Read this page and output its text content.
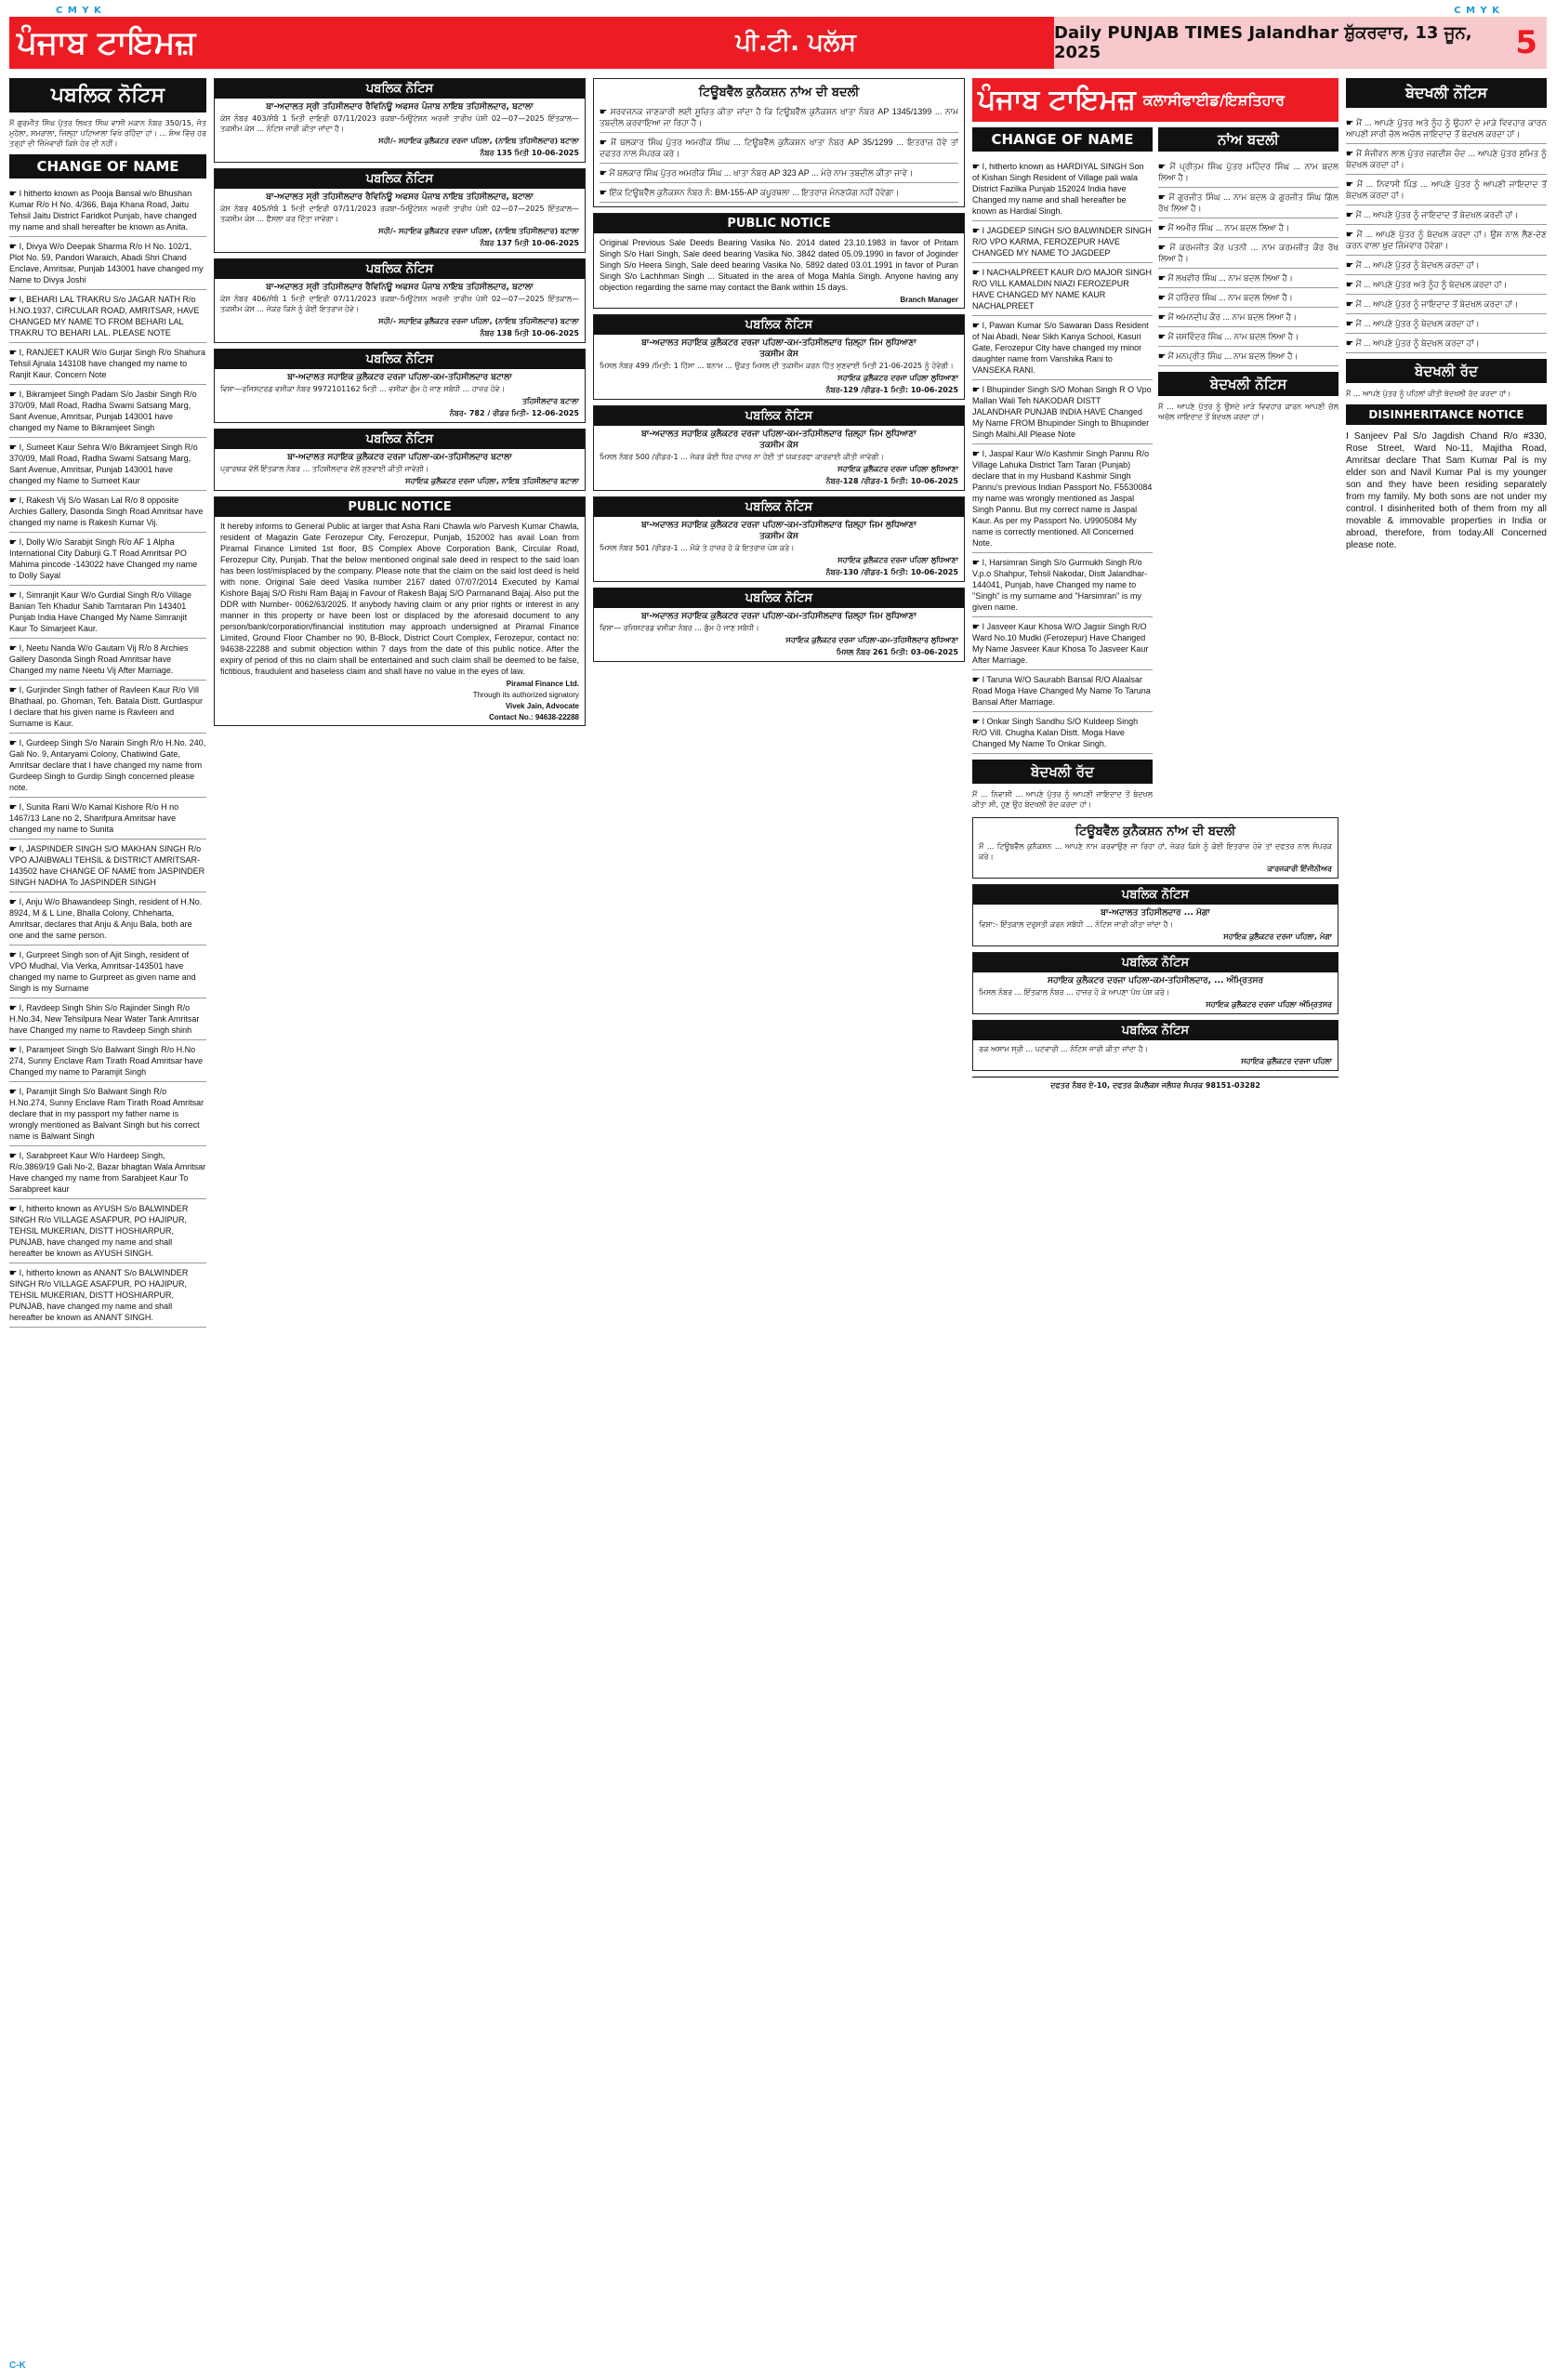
C M Y K	C M Y K
ਪੰਜਾਬ ਟਾਇਮਜ਼	ਪੀ.ਟੀ. ਪਲੱਸ	Daily PUNJAB TIMES Jalandhar ਸ਼ੁੱਕਰਵਾਰ, 13 ਜੂਨ, 2025	5
ਪਬਲਿਕ ਨੋਟਿਸ
ਮੈਂ ਗੁਰਮੀਤ ਸਿੰਘ ਪੁੱਤਰ ਲਿਖਤ ਸਿੰਘ ਵਾਸੀ ਮਕਾਨ ਨੰਬਰ 350/15, ਜੋਤ ਮੁਹੱਲਾ, ਸਮਰਾਲਾ, ਜ਼ਿਲ੍ਹਾ ਪਟਿਆਲਾ ਵਿਖੇ ਰਹਿੰਦਾ ਹਾਂ। ... ਸ਼ੋਅ ਵਿੱਚ ਹਰ ਤਰ੍ਹਾਂ ਦੀ ਜ਼ਿੰਮੇਵਾਰੀ ਕਿਸੇ ਹੋਰ ਦੀ ਨਹੀਂ।
CHANGE OF NAME
☛ I hitherto known as Pooja Bansal w/o Bhushan Kumar R/o H No. 4/366, Baja Khana Road, Jaitu Tehsil Jaitu District Faridkot Punjab, have changed my name and shall hereafter be known as Anita.
☛ I, Divya W/o Deepak Sharma R/o H No. 102/1, Plot No. 59, Pandori Waraich, Abadi Shri Chand Enclave, Amritsar, Punjab 143001 have changed my Name to Divya Joshi
☛ I, BEHARI LAL TRAKRU S/o JAGAR NATH R/o H.NO.1937, CIRCULAR ROAD, AMRITSAR, HAVE CHANGED MY NAME TO FROM BEHARI LAL TRAKRU TO BEHARI LAL. PLEASE NOTE
☛ I, RANJEET KAUR W/o Gurjar Singh R/o Shahura Tehsil Ajnala 143108 have changed my name to Ranjit Kaur. Concern Note
☛ I, Bikramjeet Singh Padam S/o Jasbir Singh R/o 370/09, Mall Road, Radha Swami Satsang Marg, Sant Avenue, Amritsar, Punjab 143001 have changed my Name to Bikramjeet Singh
☛ I, Sumeet Kaur Sehra W/o Bikramjeet Singh R/o 370/09, Mall Road, Radha Swami Satsang Marg, Sant Avenue, Amritsar, Punjab 143001 have changed my Name to Sumeet Kaur
☛ I, Rakesh Vij S/o Wasan Lal R/o 8 opposite Archies Gallery, Dasonda Singh Road Amritsar have changed my name is Rakesh Kumar Vij.
☛ I, Dolly W/o Sarabjit Singh R/o AF 1 Alpha International City Daburji G.T Road Amritsar PO Mahima pincode -143022 have Changed my name to Dolly Sayal
☛ I, Simranjit Kaur W/o Gurdial Singh R/o Village Banian Teh Khadur Sahib Tarntaran Pin 143401 Punjab India Have Changed My Name Simranjit Kaur To Simarjeet Kaur.
☛ I, Neetu Nanda W/o Gautam Vij R/o 8 Archies Gallery Dasonda Singh Road Amritsar have Changed my name Neetu Vij After Marriage.
☛ I, Gurjinder Singh father of Ravleen Kaur R/o Vill Bhathaal, po. Ghoman, Teh. Batala Distt. Gurdaspur I declare that his given name is Ravleen and Surname is Kaur.
☛ I, Gurdeep Singh S/o Narain Singh R/o H.No. 240, Gali No. 9, Antaryami Colony, Chatiwind Gate, Amritsar declare that I have changed my name from Gurdeep Singh to Gurdip Singh concerned please note.
☛ I, Sunita Rani W/o Kamal Kishore R/o H no 1467/13 Lane no 2, Sharifpura Amritsar have changed my name to Sunita
☛ I, JASPINDER SINGH S/O MAKHAN SINGH R/o VPO AJAIBWALI TEHSIL & DISTRICT AMRITSAR-143502 have CHANGE OF NAME from JASPINDER SINGH NADHA To JASPINDER SINGH
☛ I, Anju W/o Bhawandeep Singh, resident of H.No. 8924, M & L Line, Bhalla Colony, Chheharta, Amritsar, declares that Anju & Anju Bala, both are one and the same person.
☛ I, Gurpreet Singh son of Ajit Singh, resident of VPO Mudhal, Via Verka, Amritsar-143501 have changed my name to Gurpreet as given name and Singh is my Surname
☛ I, Ravdeep Singh Shin S/o Rajinder Singh R/o H.No.34, New Tehsilpura Near Water Tank Amritsar have Changed my name to Ravdeep Singh shinh
☛ I, Paramjeet Singh S/o Balwant Singh R/o H.No 274, Sunny Enclave Ram Tirath Road Amritsar have Changed my name to Paramjit Singh
☛ I, Paramjit Singh S/o Balwant Singh R/o H.No.274, Sunny Enclave Ram Tirath Road Amritsar declare that in my passport my father name is wrongly mentioned as Balvant Singh but his correct name is Balwant Singh
☛ I, Sarabpreet Kaur W/o Hardeep Singh, R/o.3869/19 Gali No-2, Bazar bhagtan Wala Amritsar Have changed my name from Sarabjeet Kaur To Sarabpreet kaur
☛ I, hitherto known as AYUSH S/o BALWINDER SINGH R/o VILLAGE ASAFPUR, PO HAJIPUR, TEHSIL MUKERIAN, DISTT HOSHIARPUR, PUNJAB, have changed my name and shall hereafter be known as AYUSH SINGH.
☛ I, hitherto known as ANANT S/o BALWINDER SINGH R/o VILLAGE ASAFPUR, PO HAJIPUR, TEHSIL MUKERIAN, DISTT HOSHIARPUR, PUNJAB, have changed my name and shall hereafter be known as ANANT SINGH.
ਪਬਲਿਕ ਨੋਟਿਸ
ਬਾ-ਅਦਾਲਤ ਸ੍ਰੀ ਤਹਿਸੀਲਦਾਰ ਰੈਵਿਨਿਊ ਅਫਸਰ ਪੰਜਾਬ ਨਾਇਬ ਤਹਿਸੀਲਦਾਰ, ਬਟਾਲਾ
ਕੇਸ ਨੰਬਰ 403/ਸੰਬੰ 1 ਮਿਤੀ ਦਾਇਰੀ 07/11/2023 ਰਕਬਾ–ਮਿਊਟੇਸ਼ਨ ਅਰਜ਼ੀ ਤਾਰੀਖ ਪੇਸ਼ੀ 02—07—2025 ਇੰਤਕਾਲ—ਤਕਸੀਮ ਕੇਸ ... ਨੋਟਿਸ ਜਾਰੀ ਕੀਤਾ ਜਾਂਦਾ ਹੈ।
ਸਹੀ/- ਸਹਾਇਕ ਕੁਲੈਕਟਰ ਦਰਜਾ ਪਹਿਲਾ, (ਨਾਇਬ ਤਹਿਸੀਲਦਾਰ) ਬਟਾਲਾ
ਨੰਬਰ 135 ਮਿਤੀ 10-06-2025
ਪਬਲਿਕ ਨੋਟਿਸ
ਬਾ-ਅਦਾਲਤ ਸ੍ਰੀ ਤਹਿਸੀਲਦਾਰ ਰੈਵਿਨਿਊ ਅਫਸਰ ਪੰਜਾਬ ਨਾਇਬ ਤਹਿਸੀਲਦਾਰ, ਬਟਾਲਾ
ਕੇਸ ਨੰਬਰ 405/ਸੰਬੰ 1 ਮਿਤੀ ਦਾਇਰੀ 07/11/2023 ਰਕਬਾ–ਮਿਊਟੇਸ਼ਨ ਅਰਜ਼ੀ ਤਾਰੀਖ ਪੇਸ਼ੀ 02—07—2025 ਇੰਤਕਾਲ—ਤਕਸੀਮ ਕੇਸ ... ਫੈਸਲਾ ਕਰ ਦਿੱਤਾ ਜਾਵੇਗਾ।
ਸਹੀ/- ਸਹਾਇਕ ਕੁਲੈਕਟਰ ਦਰਜਾ ਪਹਿਲਾ, (ਨਾਇਬ ਤਹਿਸੀਲਦਾਰ) ਬਟਾਲਾ
ਨੰਬਰ 137 ਮਿਤੀ 10-06-2025
ਪਬਲਿਕ ਨੋਟਿਸ
ਬਾ-ਅਦਾਲਤ ਸ੍ਰੀ ਤਹਿਸੀਲਦਾਰ ਰੈਵਿਨਿਊ ਅਫਸਰ ਪੰਜਾਬ ਨਾਇਬ ਤਹਿਸੀਲਦਾਰ, ਬਟਾਲਾ
ਕੇਸ ਨੰਬਰ 406/ਸੰਬੰ 1 ਮਿਤੀ ਦਾਇਰੀ 07/11/2023 ਰਕਬਾ–ਮਿਊਟੇਸ਼ਨ ਅਰਜ਼ੀ ਤਾਰੀਖ ਪੇਸ਼ੀ 02—07—2025 ਇੰਤਕਾਲ—ਤਕਸੀਮ ਕੇਸ ... ਜੇਕਰ ਕਿਸੇ ਨੂੰ ਕੋਈ ਇਤਰਾਜ਼ ਹੋਵੇ।
ਸਹੀ/- ਸਹਾਇਕ ਕੁਲੈਕਟਰ ਦਰਜਾ ਪਹਿਲਾ, (ਨਾਇਬ ਤਹਿਸੀਲਦਾਰ) ਬਟਾਲਾ
ਨੰਬਰ 138 ਮਿਤੀ 10-06-2025
ਪਬਲਿਕ ਨੋਟਿਸ
ਬਾ-ਅਦਾਲਤ ਸਹਾਇਕ ਕੁਲੈਕਟਰ ਦਰਜਾ ਪਹਿਲਾ-ਕਮ-ਤਹਿਸੀਲਦਾਰ ਬਟਾਲਾ
ਵਿਸ਼ਾ—ਰਜਿਸਟਰਡ ਵਸੀਕਾ ਨੰਬਰ 9972101162 ਮਿਤੀ ... ਵਸੀਕਾ ਗੁੰਮ ਹੋ ਜਾਣ ਸਬੰਧੀ ... ਹਾਜ਼ਰ ਹੋਵੇ।
ਤਹਿਸੀਲਦਾਰ ਬਟਾਲਾ
ਨੰਬਰ- 782 / ਰੀਡਰ ਮਿਤੀ- 12-06-2025
ਪਬਲਿਕ ਨੋਟਿਸ
ਬਾ-ਅਦਾਲਤ ਸਹਾਇਕ ਕੁਲੈਕਟਰ ਦਰਜਾ ਪਹਿਲਾ-ਕਮ-ਤਹਿਸੀਲਦਾਰ ਬਟਾਲਾ
ਪ੍ਰਾਰਥਕ ਵੱਲੋਂ ਇੰਤਕਾਲ ਨੰਬਰ ... ਤਹਿਸੀਲਦਾਰ ਵੱਲੋਂ ਸੁਣਵਾਈ ਕੀਤੀ ਜਾਵੇਗੀ।
ਸਹਾਇਕ ਕੁਲੈਕਟਰ ਦਰਜਾ ਪਹਿਲਾ, ਨਾਇਬ ਤਹਿਸੀਲਦਾਰ ਬਟਾਲਾ
PUBLIC NOTICE
It hereby informs to General Public at larger that Asha Rani Chawla w/o Parvesh Kumar Chawla, resident of Magazin Gate Ferozepur City, Ferozepur, Punjab, 152002 has avail Loan from Piramal Finance Limited 1st floor, BS Complex Above Corporation Bank, Circular Road, Ferozepur City, Punjab. That the below mentioned original sale deed in respect to the said loan has been lost/misplaced by the company. Please note that the claim on the said lost deed is held with none. Original Sale deed Vasika number 2167 dated 07/07/2014 Executed by Kamal Kishore Bajaj S/O Rishi Ram Bajaj in Favour of Rakesh Bajaj S/O Parmanand Bajaj. Also put the DDR with Number- 0062/63/2025. If anybody having claim or any prior rights or interest in any manner in this property or have been lost or displaced by the aforesaid document to any person/bank/corporation/financial institution may approach undersigned at Piramal Finance Limited, Ground Floor Chamber no 90, B-Block, District Court Complex, Ferozepur, contact no: 94638-22288 and submit objection within 7 days from the date of this public notice. After the expiry of period of this no claim shall be entertained and such claim shall be deemed to be false, fictitious, fraudulent and baseless claim and shall have no value in the eyes of law.
Piramal Finance Ltd.
Through its authorized signatory
Vivek Jain, Advocate
Contact No.: 94638-22288
ਟਿਊਬਵੈੱਲ ਕੁਨੈਕਸ਼ਨ ਨਾਂਅ ਦੀ ਬਦਲੀ
☛ ਸਰਵਜਨਕ ਜਾਣਕਾਰੀ ਲਈ ਸੂਚਿਤ ਕੀਤਾ ਜਾਂਦਾ ਹੈ ਕਿ ਟਿਊਬਵੈੱਲ ਕੁਨੈਕਸ਼ਨ ਖਾਤਾ ਨੰਬਰ AP 1345/1399 ... ਨਾਮ ਤਬਦੀਲ ਕਰਵਾਇਆ ਜਾ ਰਿਹਾ ਹੈ।
☛ ਮੈਂ ਬਲਕਾਰ ਸਿੰਘ ਪੁੱਤਰ ਅਮਰੀਕ ਸਿੰਘ ... ਟਿਊਬਵੈੱਲ ਕੁਨੈਕਸ਼ਨ ਖਾਤਾ ਨੰਬਰ AP 35/1299 ... ਇਤਰਾਜ਼ ਹੋਵੇ ਤਾਂ ਦਫਤਰ ਨਾਲ ਸੰਪਰਕ ਕਰੇ।
☛ ਮੈਂ ਬਲਕਾਰ ਸਿੰਘ ਪੁੱਤਰ ਅਮਰੀਕ ਸਿੰਘ ... ਖਾਤਾ ਨੰਬਰ AP 323 AP ... ਮੇਰੇ ਨਾਮ ਤਬਦੀਲ ਕੀਤਾ ਜਾਵੇ।
☛ ਇੱਕ ਟਿਊਬਵੈੱਲ ਕੁਨੈਕਸ਼ਨ ਨੰਬਰ ਨੰ: BM-155-AP ਕਪੂਰਥਲਾ ... ਇਤਰਾਜ਼ ਮੰਨਣਯੋਗ ਨਹੀਂ ਹੋਵੇਗਾ।
PUBLIC NOTICE
Original Previous Sale Deeds Bearing Vasika No. 2014 dated 23.10.1983 in favor of Pritam Singh S/o Hari Singh, Sale deed bearing Vasika No. 3842 dated 05.09.1990 in favor of Joginder Singh S/o Heera Singh, Sale deed bearing Vasika No. 5892 dated 03.01.1991 in favor of Puran Singh S/o Lachhman Singh ... Situated in the area of Moga Mahla Singh. Anyone having any objection regarding the same may contact the Bank within 15 days.
Branch Manager
ਪਬਲਿਕ ਨੋਟਿਸ
ਬਾ-ਅਦਾਲਤ ਸਹਾਇਕ ਕੁਲੈਕਟਰ ਦਰਜਾ ਪਹਿਲਾ-ਕਮ-ਤਹਿਸੀਲਦਾਰ ਜ਼ਿਲ੍ਹਾ ਜਿਮ ਲੁਧਿਆਣਾ
ਤਕਸੀਮ ਕੇਸ
ਮਿਸਲ ਨੰਬਰ 499 /ਮਿਤੀ: 1 ਹਿੱਸਾ ... ਬਨਾਮ ... ਉਕਤ ਮਿਸਲ ਦੀ ਤਕਸੀਮ ਕਰਨ ਹਿੱਤ ਸੁਣਵਾਈ ਮਿਤੀ 21-06-2025 ਨੂੰ ਹੋਵੇਗੀ।
ਸਹਾਇਕ ਕੁਲੈਕਟਰ ਦਰਜਾ ਪਹਿਲਾ ਲੁਧਿਆਣਾ
ਨੰਬਰ-129 /ਰੀਡਰ-1 ਮਿਤੀ: 10-06-2025
ਪਬਲਿਕ ਨੋਟਿਸ
ਬਾ-ਅਦਾਲਤ ਸਹਾਇਕ ਕੁਲੈਕਟਰ ਦਰਜਾ ਪਹਿਲਾ-ਕਮ-ਤਹਿਸੀਲਦਾਰ ਜ਼ਿਲ੍ਹਾ ਜਿਮ ਲੁਧਿਆਣਾ
ਤਕਸੀਮ ਕੇਸ
ਮਿਸਲ ਨੰਬਰ 500 /ਰੀਡਰ-1 ... ਜੇਕਰ ਕੋਈ ਧਿਰ ਹਾਜ਼ਰ ਨਾ ਹੋਈ ਤਾਂ ਯਕਤਰਫਾ ਕਾਰਵਾਈ ਕੀਤੀ ਜਾਵੇਗੀ।
ਸਹਾਇਕ ਕੁਲੈਕਟਰ ਦਰਜਾ ਪਹਿਲਾ ਲੁਧਿਆਣਾ
ਨੰਬਰ-128 /ਰੀਡਰ-1 ਮਿਤੀ: 10-06-2025
ਪਬਲਿਕ ਨੋਟਿਸ
ਬਾ-ਅਦਾਲਤ ਸਹਾਇਕ ਕੁਲੈਕਟਰ ਦਰਜਾ ਪਹਿਲਾ-ਕਮ-ਤਹਿਸੀਲਦਾਰ ਜ਼ਿਲ੍ਹਾ ਜਿਮ ਲੁਧਿਆਣਾ
ਤਕਸੀਮ ਕੇਸ
ਮਿਸਲ ਨੰਬਰ 501 /ਰੀਡਰ-1 ... ਮੌਕੇ ਤੇ ਹਾਜ਼ਰ ਹੋ ਕੇ ਇਤਰਾਜ਼ ਪੇਸ਼ ਕਰੇ।
ਸਹਾਇਕ ਕੁਲੈਕਟਰ ਦਰਜਾ ਪਹਿਲਾ ਲੁਧਿਆਣਾ
ਨੰਬਰ-130 /ਰੀਡਰ-1 ਮਿਤੀ: 10-06-2025
ਪਬਲਿਕ ਨੋਟਿਸ
ਬਾ-ਅਦਾਲਤ ਸਹਾਇਕ ਕੁਲੈਕਟਰ ਦਰਜਾ ਪਹਿਲਾ-ਕਮ-ਤਹਿਸੀਲਦਾਰ ਜ਼ਿਲ੍ਹਾ ਜਿਮ ਲੁਧਿਆਣਾ
ਵਿਸ਼ਾ— ਰਜਿਸਟਰਡ ਵਸੀਕਾ ਨੰਬਰ ... ਗੁੰਮ ਹੋ ਜਾਣ ਸਬੰਧੀ।
ਸਹਾਇਕ ਕੁਲੈਕਟਰ ਦਰਜਾ ਪਹਿਲਾ-ਕਮ-ਤਹਿਸੀਲਦਾਰ ਲੁਧਿਆਣਾ
ਮਿਸਲ ਨੰਬਰ 261 ਮਿਤੀ: 03-06-2025
ਪੰਜਾਬ ਟਾਇਮਜ਼ ਕਲਾਸੀਫਾਈਡ/ਇਸ਼ਤਿਹਾਰ
CHANGE OF NAME
☛ I, hitherto known as HARDIYAL SINGH Son of Kishan Singh Resident of Village pali wala District Fazilka Punjab 152024 India have Changed my name and shall hereafter be known as Hardial Singh.
☛ I JAGDEEP SINGH S/O BALWINDER SINGH R/O VPO KARMA, FEROZEPUR HAVE CHANGED MY NAME TO JAGDEEP
☛ I NACHALPREET KAUR D/O MAJOR SINGH R/O VILL KAMALDIN NIAZI FEROZEPUR HAVE CHANGED MY NAME KAUR NACHALPREET
☛ I, Pawan Kumar S/o Sawaran Dass Resident of Nai Abadi, Near Sikh Kanya School, Kasuri Gate, Ferozepur City have changed my minor daughter name from Vanshika Rani to VANSEKA RANI.
☛ I Bhupinder Singh S/O Mohan Singh R O Vpo Mallan Wali Teh NAKODAR DISTT JALANDHAR PUNJAB INDIA HAVE Changed My Name FROM Bhupinder Singh to Bhupinder Singh Malhi.All Please Note
☛ I, Jaspal Kaur W/o Kashmir Singh Pannu R/o Village Lahuka District Tarn Taran (Punjab) declare that in my Husband Kashmir Singh Pannu's previous Indian Passport No. F5530084 my name was wrongly mentioned as Jaspal Singh Pannu. But my correct name is Jaspal Kaur. As per my Passport No. U9905084 My name is correctly mentioned. All Concerned Note.
☛ I, Harsimran Singh S/o Gurmukh Singh R/o V.p.o Shahpur, Tehsil Nakodar, Distt Jalandhar-144041, Punjab, have Changed my name to "Singh" is my surname and "Harsimran" is my given name.
☛ I Jasveer Kaur Khosa W/O Jagsir Singh R/O Ward No.10 Mudki (Ferozepur) Have Changed My Name Jasveer Kaur Khosa To Jasveer Kaur After Marriage.
☛ I Taruna W/O Saurabh Bansal R/O Alaalsar Road Moga Have Changed My Name To Taruna Bansal After Marriage.
☛ I Onkar Singh Sandhu S/O Kuldeep Singh R/O Vill. Chugha Kalan Distt. Moga Have Changed My Name To Onkar Singh.
ਬੇਦਖਲੀ ਰੱਦ
ਮੈਂ ... ਨਿਵਾਸੀ ... ਆਪਣੇ ਪੁੱਤਰ ਨੂੰ ਆਪਣੀ ਜਾਇਦਾਦ ਤੋਂ ਬੇਦਖਲ ਕੀਤਾ ਸੀ, ਹੁਣ ਉਹ ਬੇਦਖਲੀ ਰੱਦ ਕਰਦਾ ਹਾਂ।
ਨਾਂਅ ਬਦਲੀ
☛ ਮੈਂ ਪ੍ਰੀਤਮ ਸਿੰਘ ਪੁੱਤਰ ਮਹਿੰਦਰ ਸਿੰਘ ... ਨਾਮ ਬਦਲ ਲਿਆ ਹੈ।
☛ ਮੈਂ ਗੁਰਜੀਤ ਸਿੰਘ ... ਨਾਮ ਬਦਲ ਕੇ ਗੁਰਜੀਤ ਸਿੰਘ ਗਿੱਲ ਰੱਖ ਲਿਆ ਹੈ।
☛ ਮੈਂ ਅਮੀਰ ਸਿੰਘ ... ਨਾਮ ਬਦਲ ਲਿਆ ਹੈ।
☛ ਮੈਂ ਕਰਮਜੀਤ ਕੌਰ ਪਤਨੀ ... ਨਾਮ ਕਰਮਜੀਤ ਕੌਰ ਰੱਖ ਲਿਆ ਹੈ।
☛ ਮੈਂ ਲਖਵੀਰ ਸਿੰਘ ... ਨਾਮ ਬਦਲ ਲਿਆ ਹੈ।
☛ ਮੈਂ ਹਰਿੰਦਰ ਸਿੰਘ ... ਨਾਮ ਬਦਲ ਲਿਆ ਹੈ।
☛ ਮੈਂ ਅਮਨਦੀਪ ਕੌਰ ... ਨਾਮ ਬਦਲ ਲਿਆ ਹੈ।
☛ ਮੈਂ ਜਸਵਿੰਦਰ ਸਿੰਘ ... ਨਾਮ ਬਦਲ ਲਿਆ ਹੈ।
☛ ਮੈਂ ਮਨਪ੍ਰੀਤ ਸਿੰਘ ... ਨਾਮ ਬਦਲ ਲਿਆ ਹੈ।
ਬੇਦਖਲੀ ਨੋਟਿਸ
ਮੈਂ ... ਆਪਣੇ ਪੁੱਤਰ ਨੂੰ ਉਸਦੇ ਮਾੜੇ ਵਿਵਹਾਰ ਕਾਰਨ ਆਪਣੀ ਚੱਲ ਅਚੱਲ ਜਾਇਦਾਦ ਤੋਂ ਬੇਦਖਲ ਕਰਦਾ ਹਾਂ।
ਟਿਊਬਵੈੱਲ ਕੁਨੈਕਸ਼ਨ ਨਾਂਅ ਦੀ ਬਦਲੀ
ਮੈਂ ... ਟਿਊਬਵੈੱਲ ਕੁਨੈਕਸ਼ਨ ... ਆਪਣੇ ਨਾਮ ਕਰਵਾਉਣ ਜਾ ਰਿਹਾ ਹਾਂ, ਜੇਕਰ ਕਿਸੇ ਨੂੰ ਕੋਈ ਇਤਰਾਜ਼ ਹੋਵੇ ਤਾਂ ਦਫਤਰ ਨਾਲ ਸੰਪਰਕ ਕਰੇ।
ਕਾਰਜਕਾਰੀ ਇੰਜੀਨੀਅਰ
ਪਬਲਿਕ ਨੋਟਿਸ
ਬਾ-ਅਦਾਲਤ ਤਹਿਸੀਲਦਾਰ ... ਮੋਗਾ
ਵਿਸ਼ਾ:- ਇੰਤਕਾਲ ਦਰੁਸਤੀ ਕਰਨ ਸਬੰਧੀ ... ਨੋਟਿਸ ਜਾਰੀ ਕੀਤਾ ਜਾਂਦਾ ਹੈ।
ਸਹਾਇਕ ਕੁਲੈਕਟਰ ਦਰਜਾ ਪਹਿਲਾ, ਮੋਗਾ
ਪਬਲਿਕ ਨੋਟਿਸ
ਸਹਾਇਕ ਕੁਲੈਕਟਰ ਦਰਜਾ ਪਹਿਲਾ-ਕਮ-ਤਹਿਸੀਲਦਾਰ, ... ਅੰਮ੍ਰਿਤਸਰ
ਮਿਸਲ ਨੰਬਰ ... ਇੰਤਕਾਲ ਨੰਬਰ ... ਹਾਜ਼ਰ ਹੋ ਕੇ ਆਪਣਾ ਪੱਖ ਪੇਸ਼ ਕਰੇ।
ਸਹਾਇਕ ਕੁਲੈਕਟਰ ਦਰਜਾ ਪਹਿਲਾ ਅੰਮ੍ਰਿਤਸਰ
ਪਬਲਿਕ ਨੋਟਿਸ
ਰਕ ਅਸਾਮ ਸ੍ਰੀ ... ਪਟਵਾਰੀ ... ਨੋਟਿਸ ਜਾਰੀ ਕੀਤਾ ਜਾਂਦਾ ਹੈ।
ਸਹਾਇਕ ਕੁਲੈਕਟਰ ਦਰਜਾ ਪਹਿਲਾ
ਦਫਤਰ ਨੰਬਰ ਏ-10, ਦਫਤਰ ਕੰਪਲੈਕਸ ਜਲੰਧਰ ਸੰਪਰਕ 98151-03282
ਬੇਦਖਲੀ ਨੋਟਿਸ
☛ ਮੈਂ ... ਆਪਣੇ ਪੁੱਤਰ ਅਤੇ ਨੂੰਹ ਨੂੰ ਉਹਨਾਂ ਦੇ ਮਾੜੇ ਵਿਵਹਾਰ ਕਾਰਨ ਆਪਣੀ ਸਾਰੀ ਚੱਲ ਅਚੱਲ ਜਾਇਦਾਦ ਤੋਂ ਬੇਦਖਲ ਕਰਦਾ ਹਾਂ।
☛ ਮੈਂ ਸੰਜੀਵਨ ਲਾਲ ਪੁੱਤਰ ਜਗਦੀਸ਼ ਚੰਦ ... ਆਪਣੇ ਪੁੱਤਰ ਸੁਮਿਤ ਨੂੰ ਬੇਦਖਲ ਕਰਦਾ ਹਾਂ।
☛ ਮੈਂ ... ਨਿਵਾਸੀ ਪਿੰਡ ... ਆਪਣੇ ਪੁੱਤਰ ਨੂੰ ਆਪਣੀ ਜਾਇਦਾਦ ਤੋਂ ਬੇਦਖਲ ਕਰਦਾ ਹਾਂ।
☛ ਮੈਂ ... ਆਪਣੇ ਪੁੱਤਰ ਨੂੰ ਜਾਇਦਾਦ ਤੋਂ ਬੇਦਖਲ ਕਰਦੀ ਹਾਂ।
☛ ਮੈਂ ... ਆਪਣੇ ਪੁੱਤਰ ਨੂੰ ਬੇਦਖਲ ਕਰਦਾ ਹਾਂ। ਉਸ ਨਾਲ ਲੈਣ-ਦੇਣ ਕਰਨ ਵਾਲਾ ਖੁਦ ਜ਼ਿੰਮੇਵਾਰ ਹੋਵੇਗਾ।
☛ ਮੈਂ ... ਆਪਣੇ ਪੁੱਤਰ ਨੂੰ ਬੇਦਖਲ ਕਰਦਾ ਹਾਂ।
☛ ਮੈਂ ... ਆਪਣੇ ਪੁੱਤਰ ਅਤੇ ਨੂੰਹ ਨੂੰ ਬੇਦਖਲ ਕਰਦਾ ਹਾਂ।
☛ ਮੈਂ ... ਆਪਣੇ ਪੁੱਤਰ ਨੂੰ ਜਾਇਦਾਦ ਤੋਂ ਬੇਦਖਲ ਕਰਦਾ ਹਾਂ।
☛ ਮੈਂ ... ਆਪਣੇ ਪੁੱਤਰ ਨੂੰ ਬੇਦਖਲ ਕਰਦਾ ਹਾਂ।
☛ ਮੈਂ ... ਆਪਣੇ ਪੁੱਤਰ ਨੂੰ ਬੇਦਖਲ ਕਰਦਾ ਹਾਂ।
ਬੇਦਖਲੀ ਰੱਦ
ਮੈਂ ... ਆਪਣੇ ਪੁੱਤਰ ਨੂੰ ਪਹਿਲਾਂ ਕੀਤੀ ਬੇਦਖਲੀ ਰੱਦ ਕਰਦਾ ਹਾਂ।
DISINHERITANCE NOTICE
I Sanjeev Pal S/o Jagdish Chand R/o #330, Rose Street, Ward No-11, Majitha Road, Amritsar declare That Sam Kumar Pal is my elder son and Navil Kumar Pal is my younger son and they have been residing separately from my family. My both sons are not under my control. I disinherited both of them from my all movable & immovable properties in India or abroad, therefore, from today.All Concerned please note.
C-K
